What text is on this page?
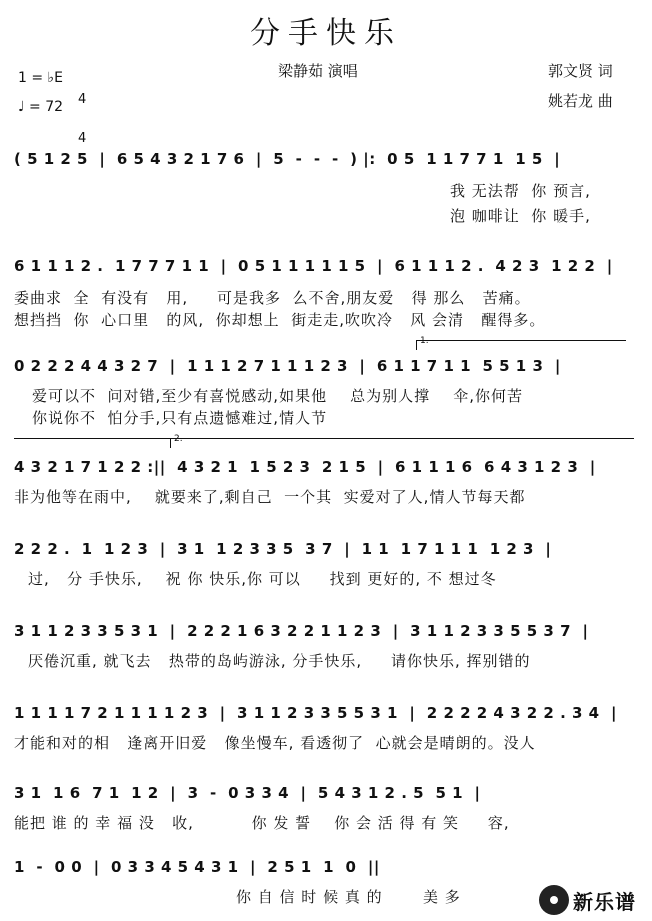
分手快乐
梁静茹 演唱	郭文贤 词
姚若龙 曲
1 = ♭E

4

4

♩ = 72
( 5 1 2 5  |  6 5 4 3 2 1 7 6  |  5  -  -  -  ) |:  0 5  1 1 7 7 1  1 5  |
我 无法帮  你 预言,
泡 咖啡让  你 暖手,
6 1 1 1 2 .  1 7 7 7 1 1  |  0 5 1 1 1 1 1 5  |  6 1 1 1 2 .  4 2 3  1 2 2  |
委曲求  全  有没有   用,     可是我多  么不舍,朋友爱   得 那么   苦痛。
想挡挡  你  心口里   的风,  你却想上  街走走,吹吹冷   风 会清   醒得多。
1.
0 2 2 2 4 4 3 2 7  |  1 1 1 2 7 1 1 1 2 3  |  6 1 1 7 1 1  5 5 1 3  |
爱可以不  问对错,至少有喜悦感动,如果他    总为别人撑    伞,你何苦
你说你不  怕分手,只有点遗憾难过,情人节
2.
4 3 2 1 7 1 2 2 :||  4 3 2 1  1 5 2 3  2 1 5  |  6 1 1 1 6  6 4 3 1 2 3  |
非为他等在雨中,    就要来了,剩自己  一个其  实爱对了人,情人节每天都
2 2 2 .  1  1 2 3  |  3 1  1 2 3 3 5  3 7  |  1 1  1 7 1 1 1  1 2 3  |
过,   分 手快乐,    祝 你 快乐,你 可以     找到 更好的, 不 想过冬
3 1 1 2 3 3 5 3 1  |  2 2 2 1 6 3 2 2 1 1 2 3  |  3 1 1 2 3 3 5 5 3 7  |
厌倦沉重, 就飞去   热带的岛屿游泳, 分手快乐,     请你快乐, 挥别错的
1 1 1 1 7 2 1 1 1 1 2 3  |  3 1 1 2 3 3 5 5 3 1  |  2 2 2 2 4 3 2 2 . 3 4  |
才能和对的相   逢离开旧爱   像坐慢车, 看透彻了  心就会是晴朗的。没人
3 1  1 6  7 1  1 2  |  3  -  0 3 3 4  |  5 4 3 1 2 . 5  5 1  |
能把 谁 的 幸 福 没   收,          你 发 誓    你 会 活 得 有 笑     容,
1  -  0 0  |  0 3 3 4 5 4 3 1  |  2 5 1  1  0  ||
你 自 信 时 候 真 的       美 多	新乐谱
